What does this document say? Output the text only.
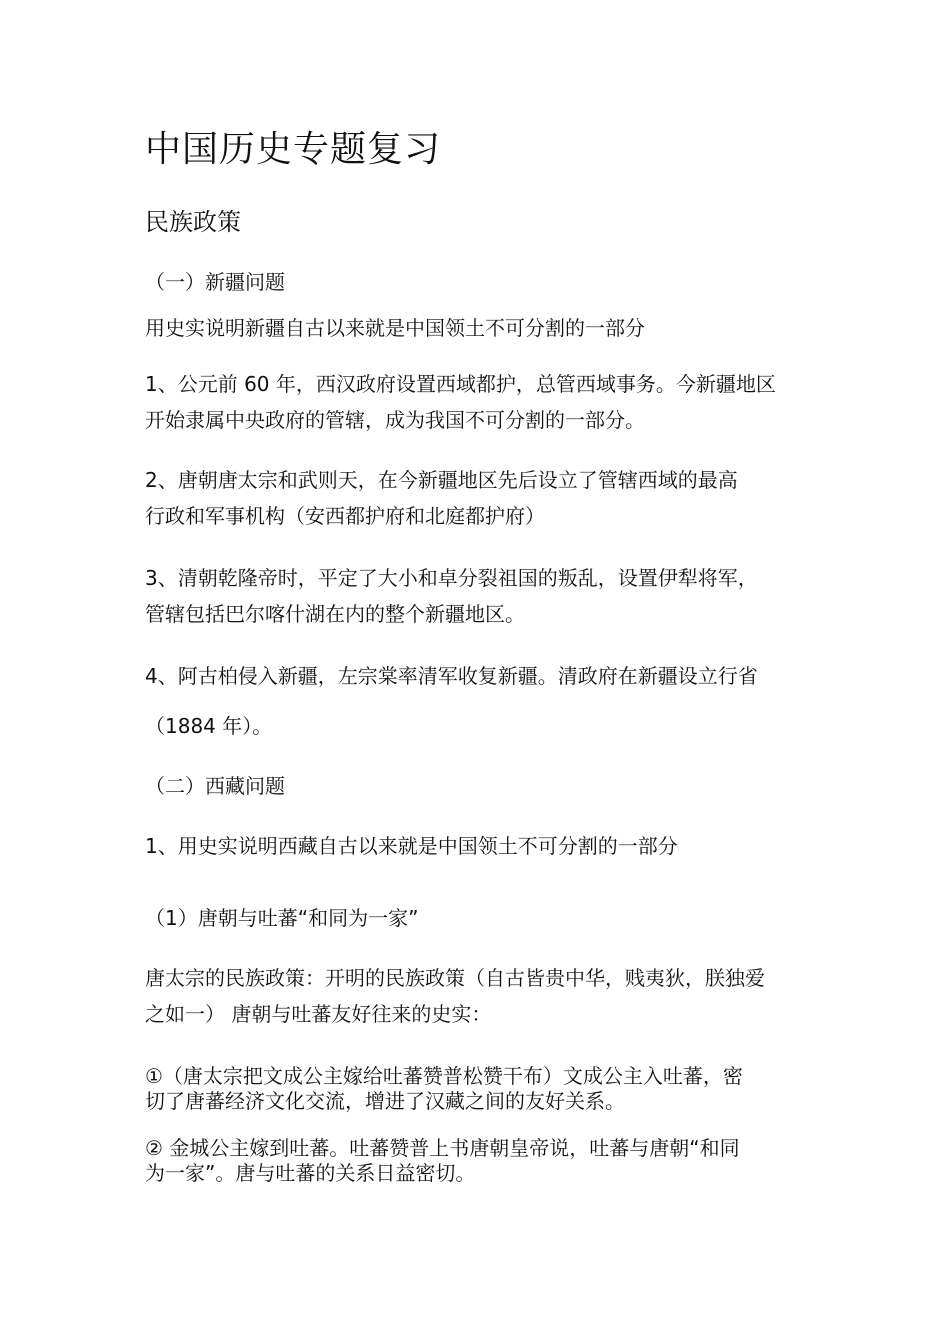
中国历史专题复习
民族政策
（一）新疆问题
用史实说明新疆自古以来就是中国领土不可分割的一部分
1、公元前 60 年，西汉政府设置西域都护，总管西域事务。今新疆地区
开始隶属中央政府的管辖，成为我国不可分割的一部分。
2、唐朝唐太宗和武则天，在今新疆地区先后设立了管辖西域的最高
行政和军事机构（安西都护府和北庭都护府）
3、清朝乾隆帝时，平定了大小和卓分裂祖国的叛乱，设置伊犁将军，
管辖包括巴尔喀什湖在内的整个新疆地区。
4、阿古柏侵入新疆，左宗棠率清军收复新疆。清政府在新疆设立行省
（1884 年）。
（二）西藏问题
1、用史实说明西藏自古以来就是中国领土不可分割的一部分
（1）唐朝与吐蕃“和同为一家”
唐太宗的民族政策：开明的民族政策（自古皆贵中华，贱夷狄，朕独爱
之如一） 唐朝与吐蕃友好往来的史实：
①（唐太宗把文成公主嫁给吐蕃赞普松赞干布）文成公主入吐蕃，密
切了唐蕃经济文化交流，增进了汉藏之间的友好关系。
② 金城公主嫁到吐蕃。吐蕃赞普上书唐朝皇帝说，吐蕃与唐朝“和同
为一家”。唐与吐蕃的关系日益密切。
